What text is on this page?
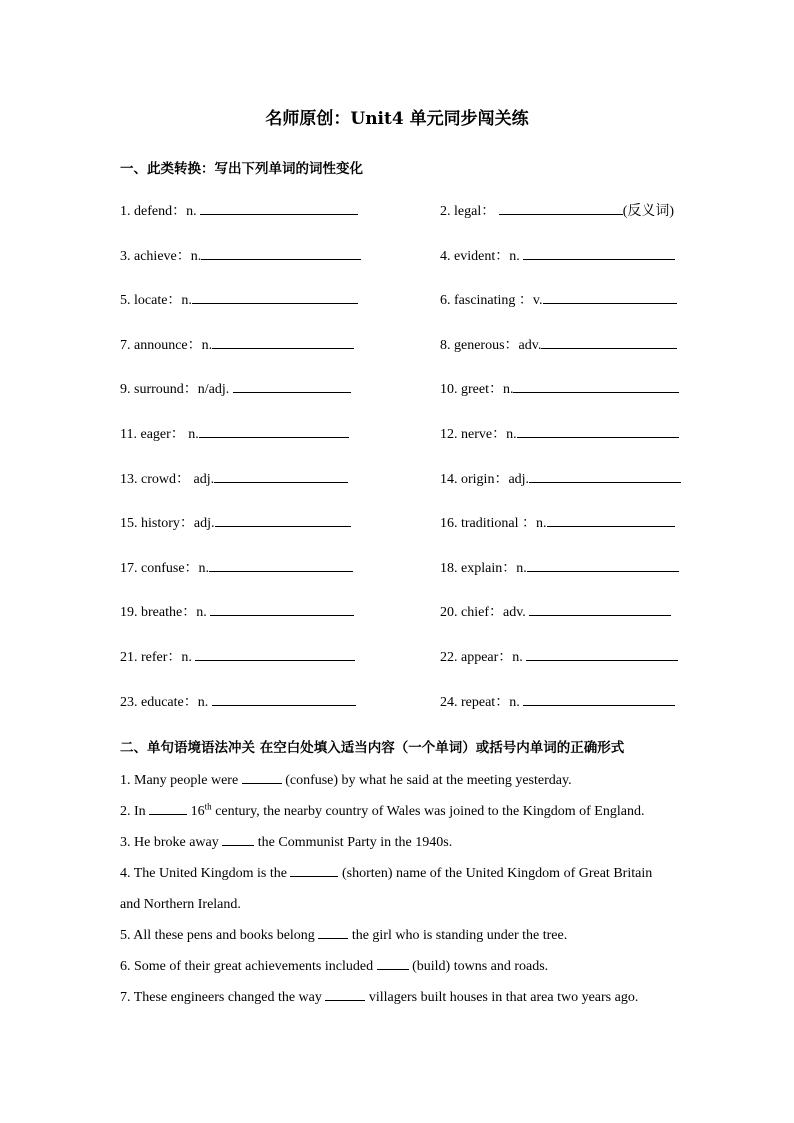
名师原创：Unit4 单元同步闯关练
一、此类转换：写出下列单词的词性变化
1. defend：n.	2. legal：	(反义词)
3. achieve：n.	4. evident：n.
5. locate：n.	6. fascinating ：v.
7. announce：n.	8. generous：adv.
9. surround：n/adj.	10. greet：n.
11. eager： n.	12. nerve：n.
13. crowd： adj.	14. origin：adj.
15. history：adj.	16. traditional ：n.
17. confuse：n.	18. explain：n.
19. breathe：n.	20. chief：adv.
21. refer：n.	22. appear：n.
23. educate：n.	24. repeat：n.
二、单句语境语法冲关 在空白处填入适当内容（一个单词）或括号内单词的正确形式
1. Many people were	(confuse) by what he said at the meeting yesterday.
2. In	16th century, the nearby country of Wales was joined to the Kingdom of England.
3. He broke away  the Communist Party in the 1940s.
4. The United Kingdom is the	(shorten) name of the United Kingdom of Great Britain
and Northern Ireland.
5. All these pens and books belong  the girl who is standing under the tree.
6. Some of their great achievements included  (build) towns and roads.
7. These engineers changed the way	villagers built houses in that area two years ago.
